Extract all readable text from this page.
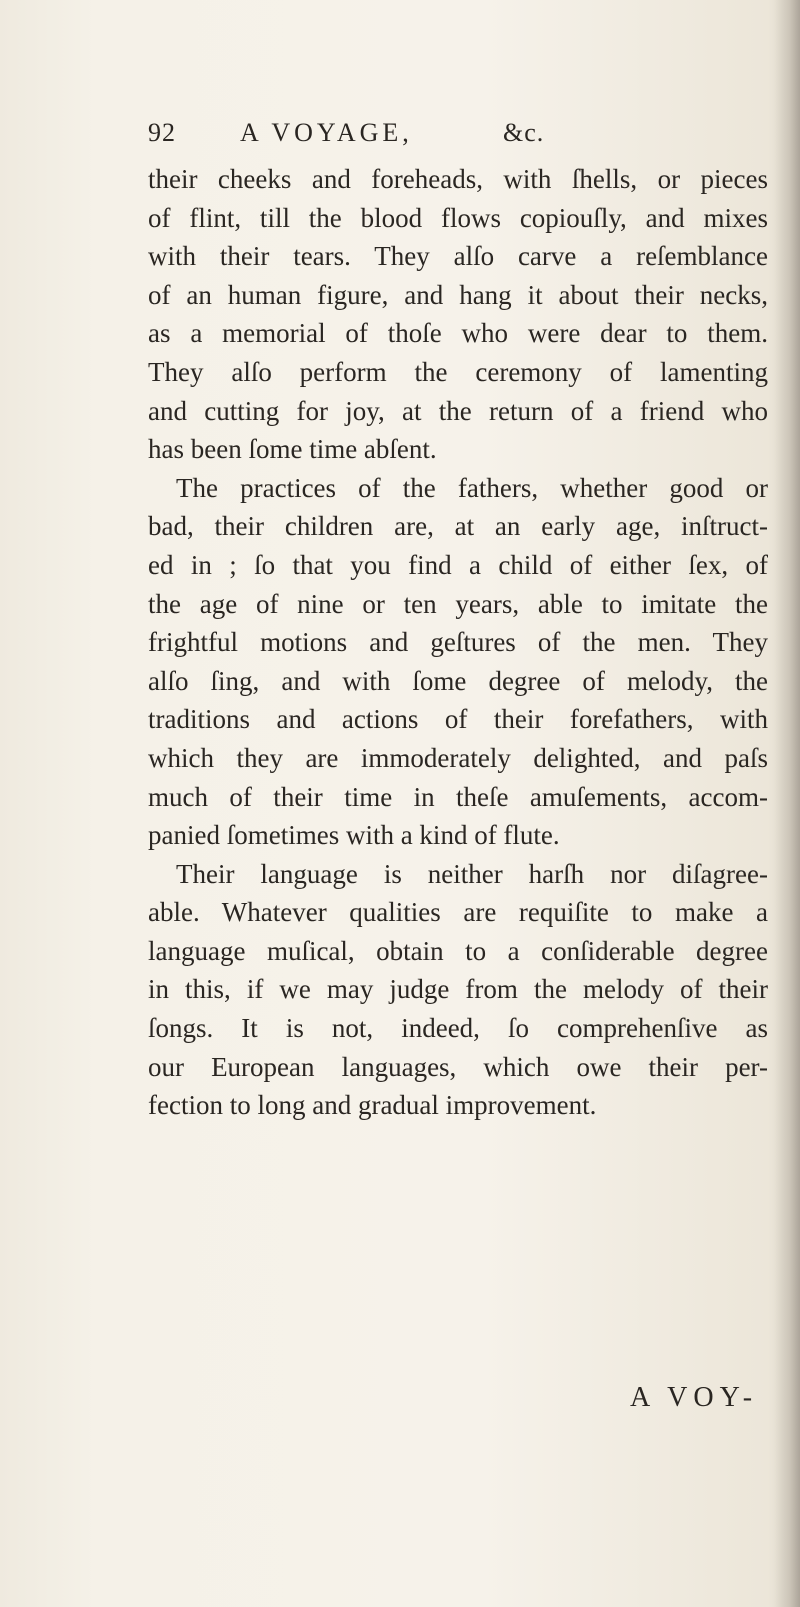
92 A VOYAGE,	&c.
their cheeks and foreheads, with ſhells, or pieces
of flint, till the blood flows copiouſly, and mixes
with their tears. They alſo carve a reſemblance
of an human figure, and hang it about their necks,
as a memorial of thoſe who were dear to them.
They alſo perform the ceremony of lamenting
and cutting for joy, at the return of a friend who
has been ſome time abſent.
The practices of the fathers, whether good or
bad, their children are, at an early age, inſtruct-
ed in ; ſo that you find a child of either ſex, of
the age of nine or ten years, able to imitate the
frightful motions and geſtures of the men. They
alſo ſing, and with ſome degree of melody, the
traditions and actions of their forefathers, with
which they are immoderately delighted, and paſs
much of their time in theſe amuſements, accom-
panied ſometimes with a kind of flute.
Their language is neither harſh nor diſagree-
able. Whatever qualities are requiſite to make a
language muſical, obtain to a conſiderable degree
in this, if we may judge from the melody of their
ſongs. It is not, indeed, ſo comprehenſive as
our European languages, which owe their per-
fection to long and gradual improvement.
A VOY-
